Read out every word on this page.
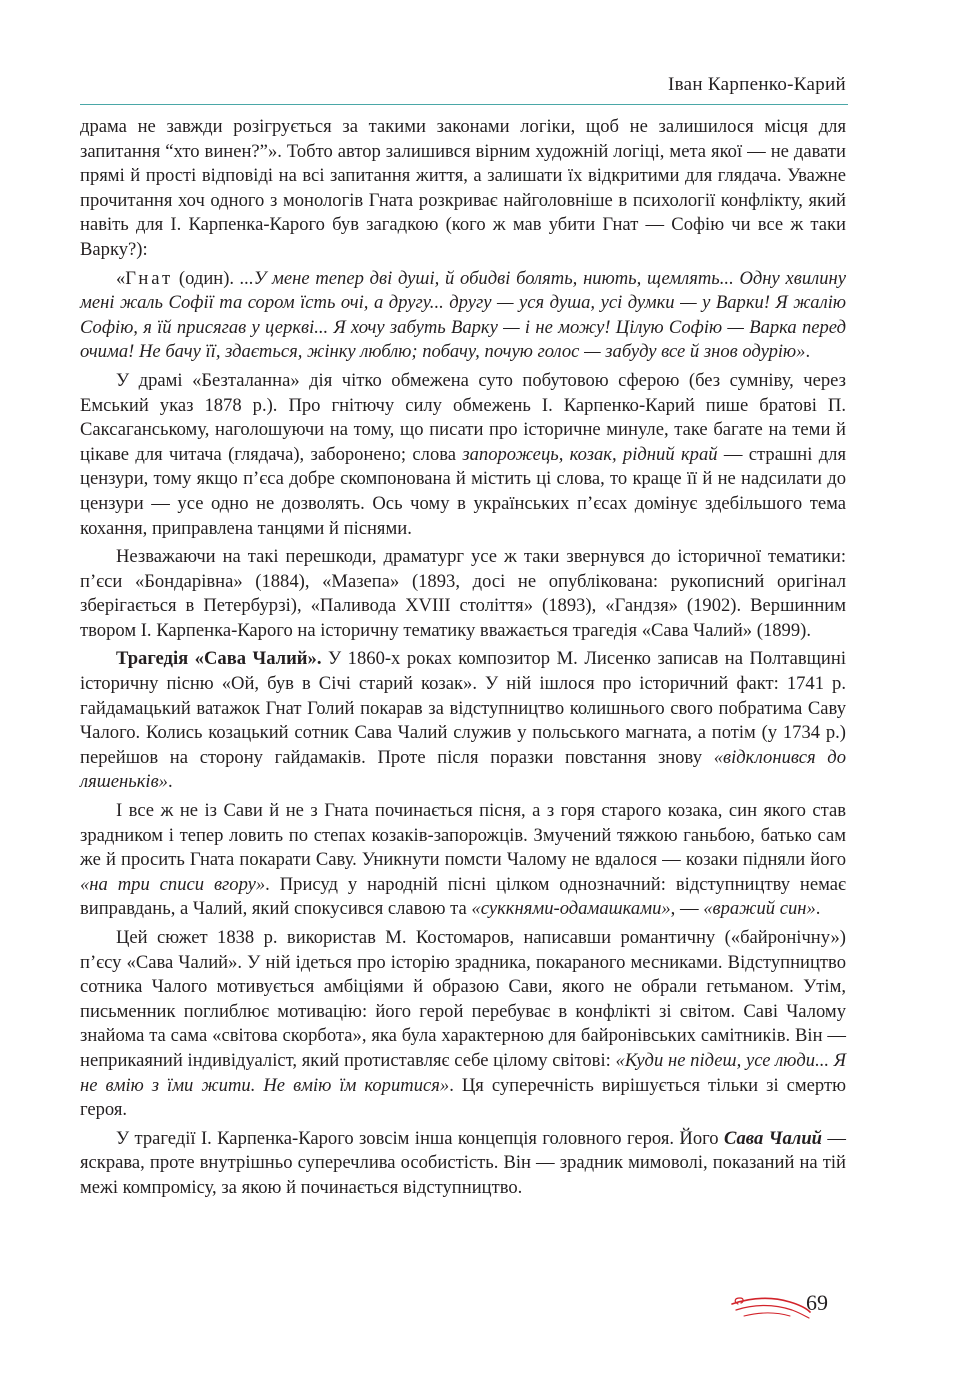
Іван Карпенко-Карий

драма не завжди розігрується за такими законами логіки, щоб не залишилося місця для запитання “хто винен?”». Тобто автор залишився вірним художній логіці, мета якої — не давати прямі й прості відповіді на всі запитання життя, а залишати їх відкритими для глядача. Уважне прочитання хоч одного з монологів Гната розкриває найголовніше в психології конфлікту, який навіть для І. Карпенка-Карого був загадкою (кого ж мав убити Гнат — Софію чи все ж таки Варку?):

«Гнат (один). ...У мене тепер дві душі, й обидві болять, ниють, щемлять... Одну хвилину мені жаль Софії та сором їсть очі, а другу... другу — уся душа, усі думки — у Варки! Я жалію Софію, я їй присягав у церкві... Я хочу забуть Варку — і не можу! Цілую Софію — Варка перед очима! Не бачу її, здається, жінку люблю; побачу, почую голос — забуду все й знов одурію».

У драмі «Безталанна» дія чітко обмежена суто побутовою сферою (без сумніву, через Емський указ 1878 р.). Про гнітючу силу обмежень І. Карпенко-Карий пише братові П. Саксаганському, наголошуючи на тому, що писати про історичне минуле, таке багате на теми й цікаве для читача (глядача), заборонено; слова запорожець, козак, рідний край — страшні для цензури, тому якщо п’єса добре скомпонована й містить ці слова, то краще її й не надсилати до цензури — усе одно не дозволять. Ось чому в українських п’єсах домінує здебільшого тема кохання, приправлена танцями й піснями.

Незважаючи на такі перешкоди, драматург усе ж таки звернувся до історичної тематики: п’єси «Бондарівна» (1884), «Мазепа» (1893, досі не опублікована: рукописний оригінал зберігається в Петербурзі), «Паливода XVIII століття» (1893), «Гандзя» (1902). Вершинним твором І. Карпенка-Карого на історичну тематику вважається трагедія «Сава Чалий» (1899).

Трагедія «Сава Чалий». У 1860-х роках композитор М. Лисенко записав на Полтавщині історичну пісню «Ой, був в Січі старий козак». У ній ішлося про історичний факт: 1741 р. гайдамацький ватажок Гнат Голий покарав за відступництво колишнього свого побратима Саву Чалого. Колись козацький сотник Сава Чалий служив у польського магната, а потім (у 1734 р.) перейшов на сторону гайдамаків. Проте після поразки повстання знову «відклонився до ляшеньків».

І все ж не із Сави й не з Гната починається пісня, а з горя старого козака, син якого став зрадником і тепер ловить по степах козаків-запорожців. Змучений тяжкою ганьбою, батько сам же й просить Гната покарати Саву. Уникнути помсти Чалому не вдалося — козаки підняли його «на три списи вгору». Присуд у народній пісні цілком однозначний: відступництву немає виправдань, а Чалий, який спокусився славою та «суккнями-одамашками», — «вражий син».

Цей сюжет 1838 р. використав М. Костомаров, написавши романтичну («байронічну») п’єсу «Сава Чалий». У ній ідеться про історію зрадника, покараного месниками. Відступництво сотника Чалого мотивується амбіціями й образою Сави, якого не обрали гетьманом. Утім, письменник поглиблює мотивацію: його герой перебуває в конфлікті зі світом. Саві Чалому знайома та сама «світова скорбота», яка була характерною для байронівських самітників. Він — неприкаяний індивідуаліст, який протиставляє себе цілому світові: «Куди не підеш, усе люди... Я не вмію з їми жити. Не вмію їм коритися». Ця суперечність вирішується тільки зі смертю героя.

У трагедії І. Карпенка-Карого зовсім інша концепція головного героя. Його Сава Чалий — яскрава, проте внутрішньо суперечлива особистість. Він — зрадник мимоволі, показаний на тій межі компромісу, за якою й починається відступництво.

69
